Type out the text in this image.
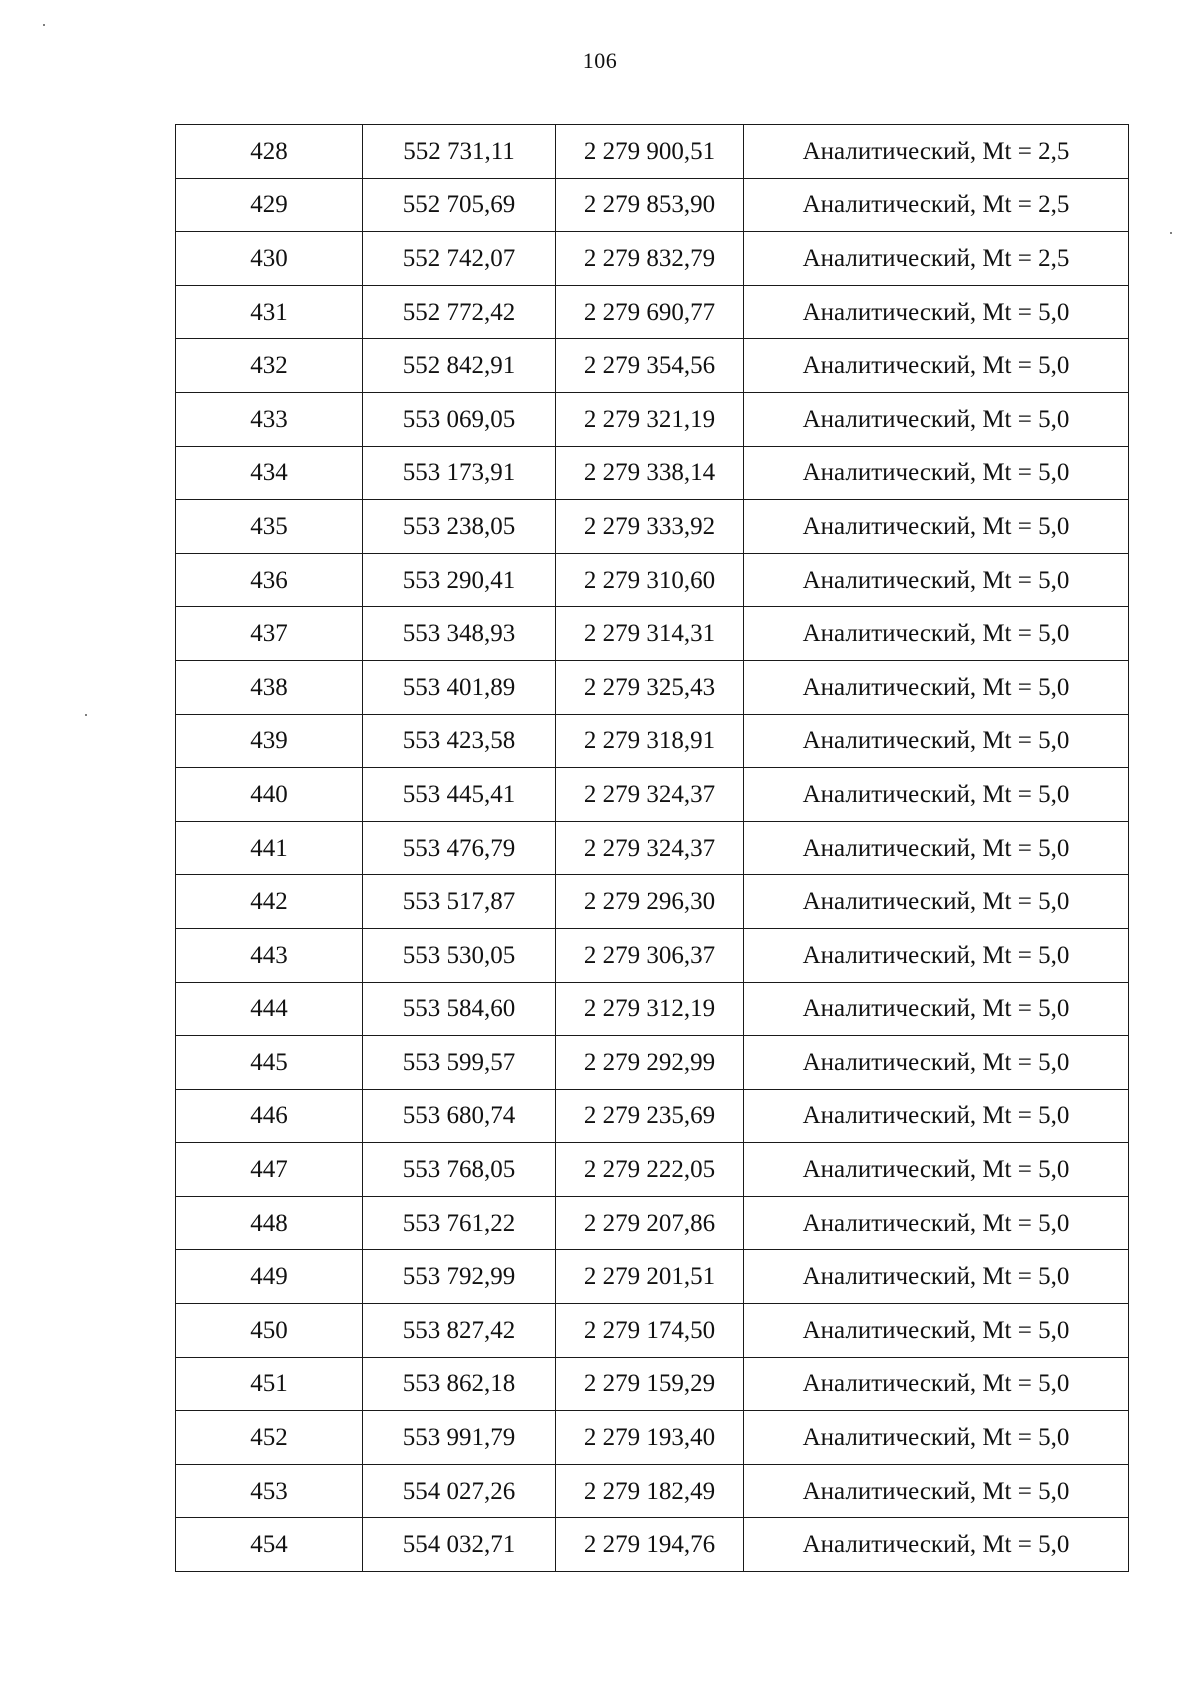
106
428	552 731,11	2 279 900,51	Аналитический, Mt = 2,5
429	552 705,69	2 279 853,90	Аналитический, Mt = 2,5
430	552 742,07	2 279 832,79	Аналитический, Mt = 2,5
431	552 772,42	2 279 690,77	Аналитический, Mt = 5,0
432	552 842,91	2 279 354,56	Аналитический, Mt = 5,0
433	553 069,05	2 279 321,19	Аналитический, Mt = 5,0
434	553 173,91	2 279 338,14	Аналитический, Mt = 5,0
435	553 238,05	2 279 333,92	Аналитический, Mt = 5,0
436	553 290,41	2 279 310,60	Аналитический, Mt = 5,0
437	553 348,93	2 279 314,31	Аналитический, Mt = 5,0
438	553 401,89	2 279 325,43	Аналитический, Mt = 5,0
439	553 423,58	2 279 318,91	Аналитический, Mt = 5,0
440	553 445,41	2 279 324,37	Аналитический, Mt = 5,0
441	553 476,79	2 279 324,37	Аналитический, Mt = 5,0
442	553 517,87	2 279 296,30	Аналитический, Mt = 5,0
443	553 530,05	2 279 306,37	Аналитический, Mt = 5,0
444	553 584,60	2 279 312,19	Аналитический, Mt = 5,0
445	553 599,57	2 279 292,99	Аналитический, Mt = 5,0
446	553 680,74	2 279 235,69	Аналитический, Mt = 5,0
447	553 768,05	2 279 222,05	Аналитический, Mt = 5,0
448	553 761,22	2 279 207,86	Аналитический, Mt = 5,0
449	553 792,99	2 279 201,51	Аналитический, Mt = 5,0
450	553 827,42	2 279 174,50	Аналитический, Mt = 5,0
451	553 862,18	2 279 159,29	Аналитический, Mt = 5,0
452	553 991,79	2 279 193,40	Аналитический, Mt = 5,0
453	554 027,26	2 279 182,49	Аналитический, Mt = 5,0
454	554 032,71	2 279 194,76	Аналитический, Mt = 5,0
